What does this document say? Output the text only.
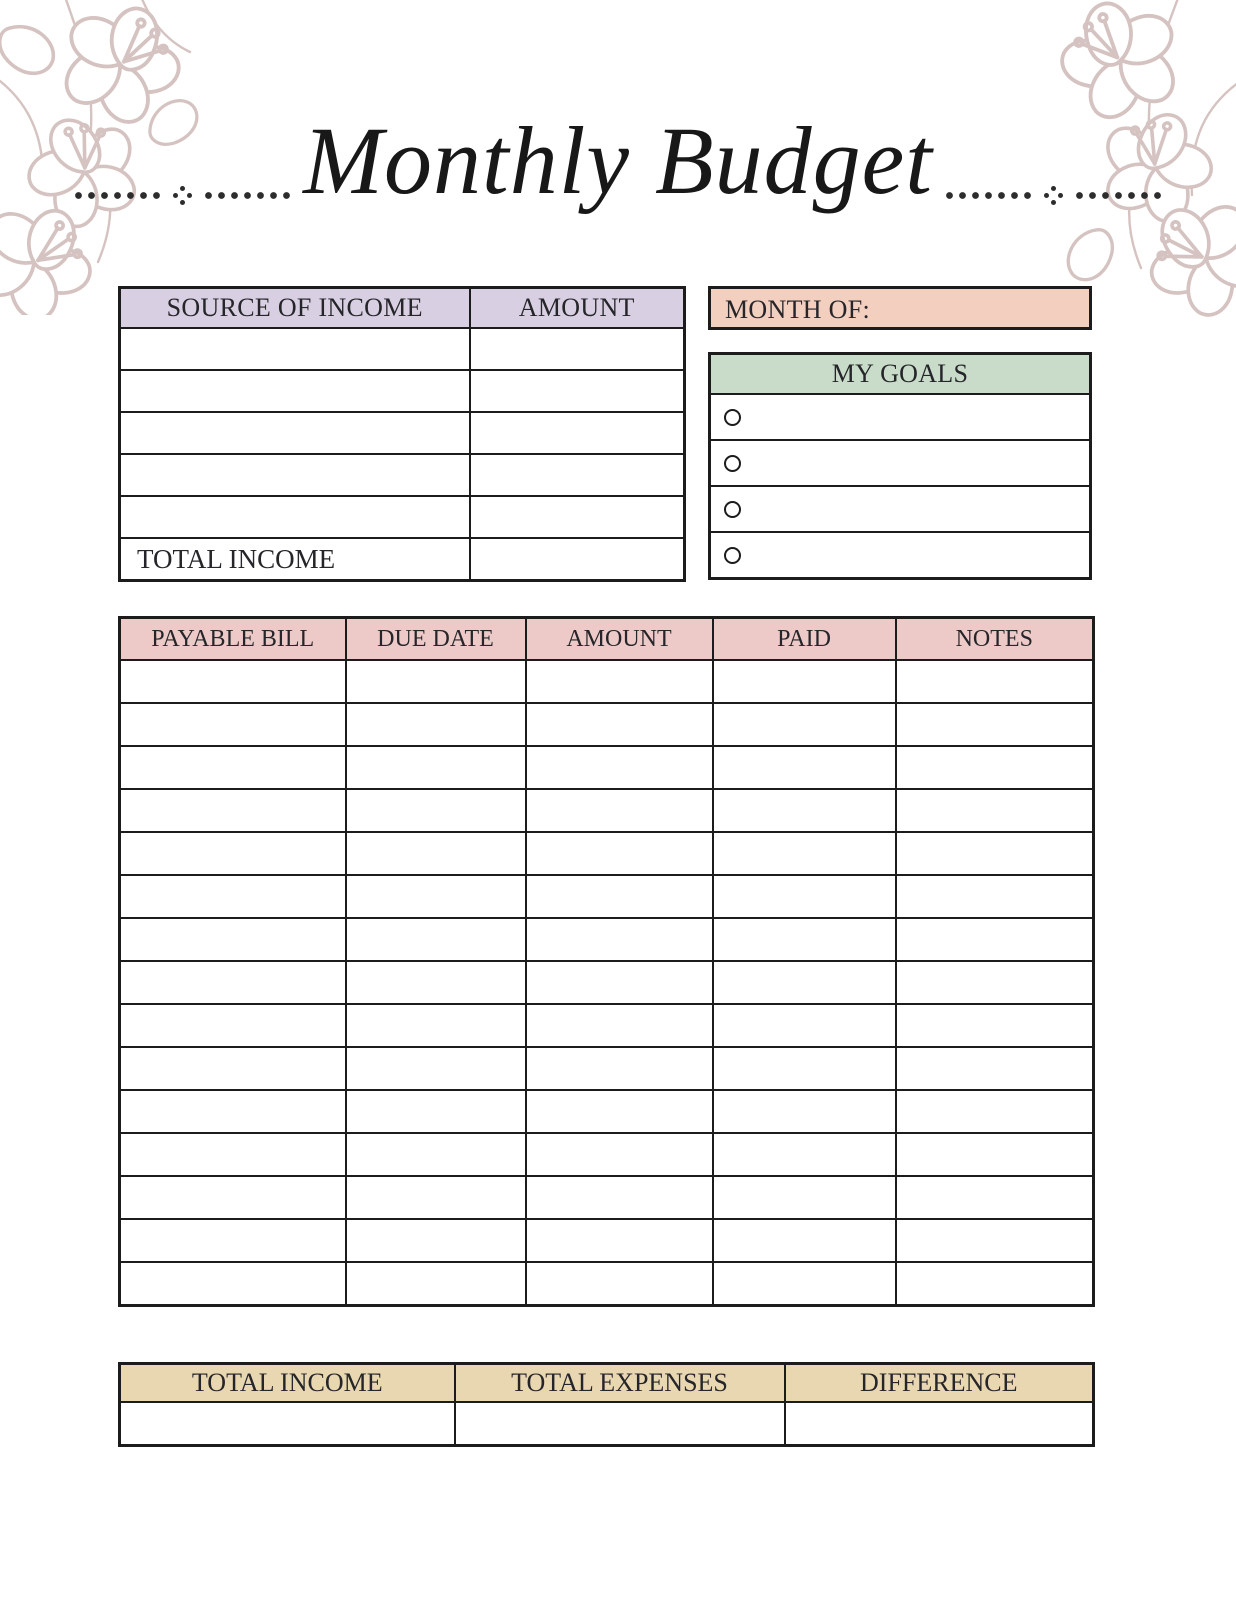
Monthly Budget
SOURCE OF INCOME	AMOUNT

TOTAL INCOME	
MONTH OF:
MY GOALS

PAYABLE BILL	DUE DATE	AMOUNT	PAID	NOTES

TOTAL INCOME	TOTAL EXPENSES	DIFFERENCE
